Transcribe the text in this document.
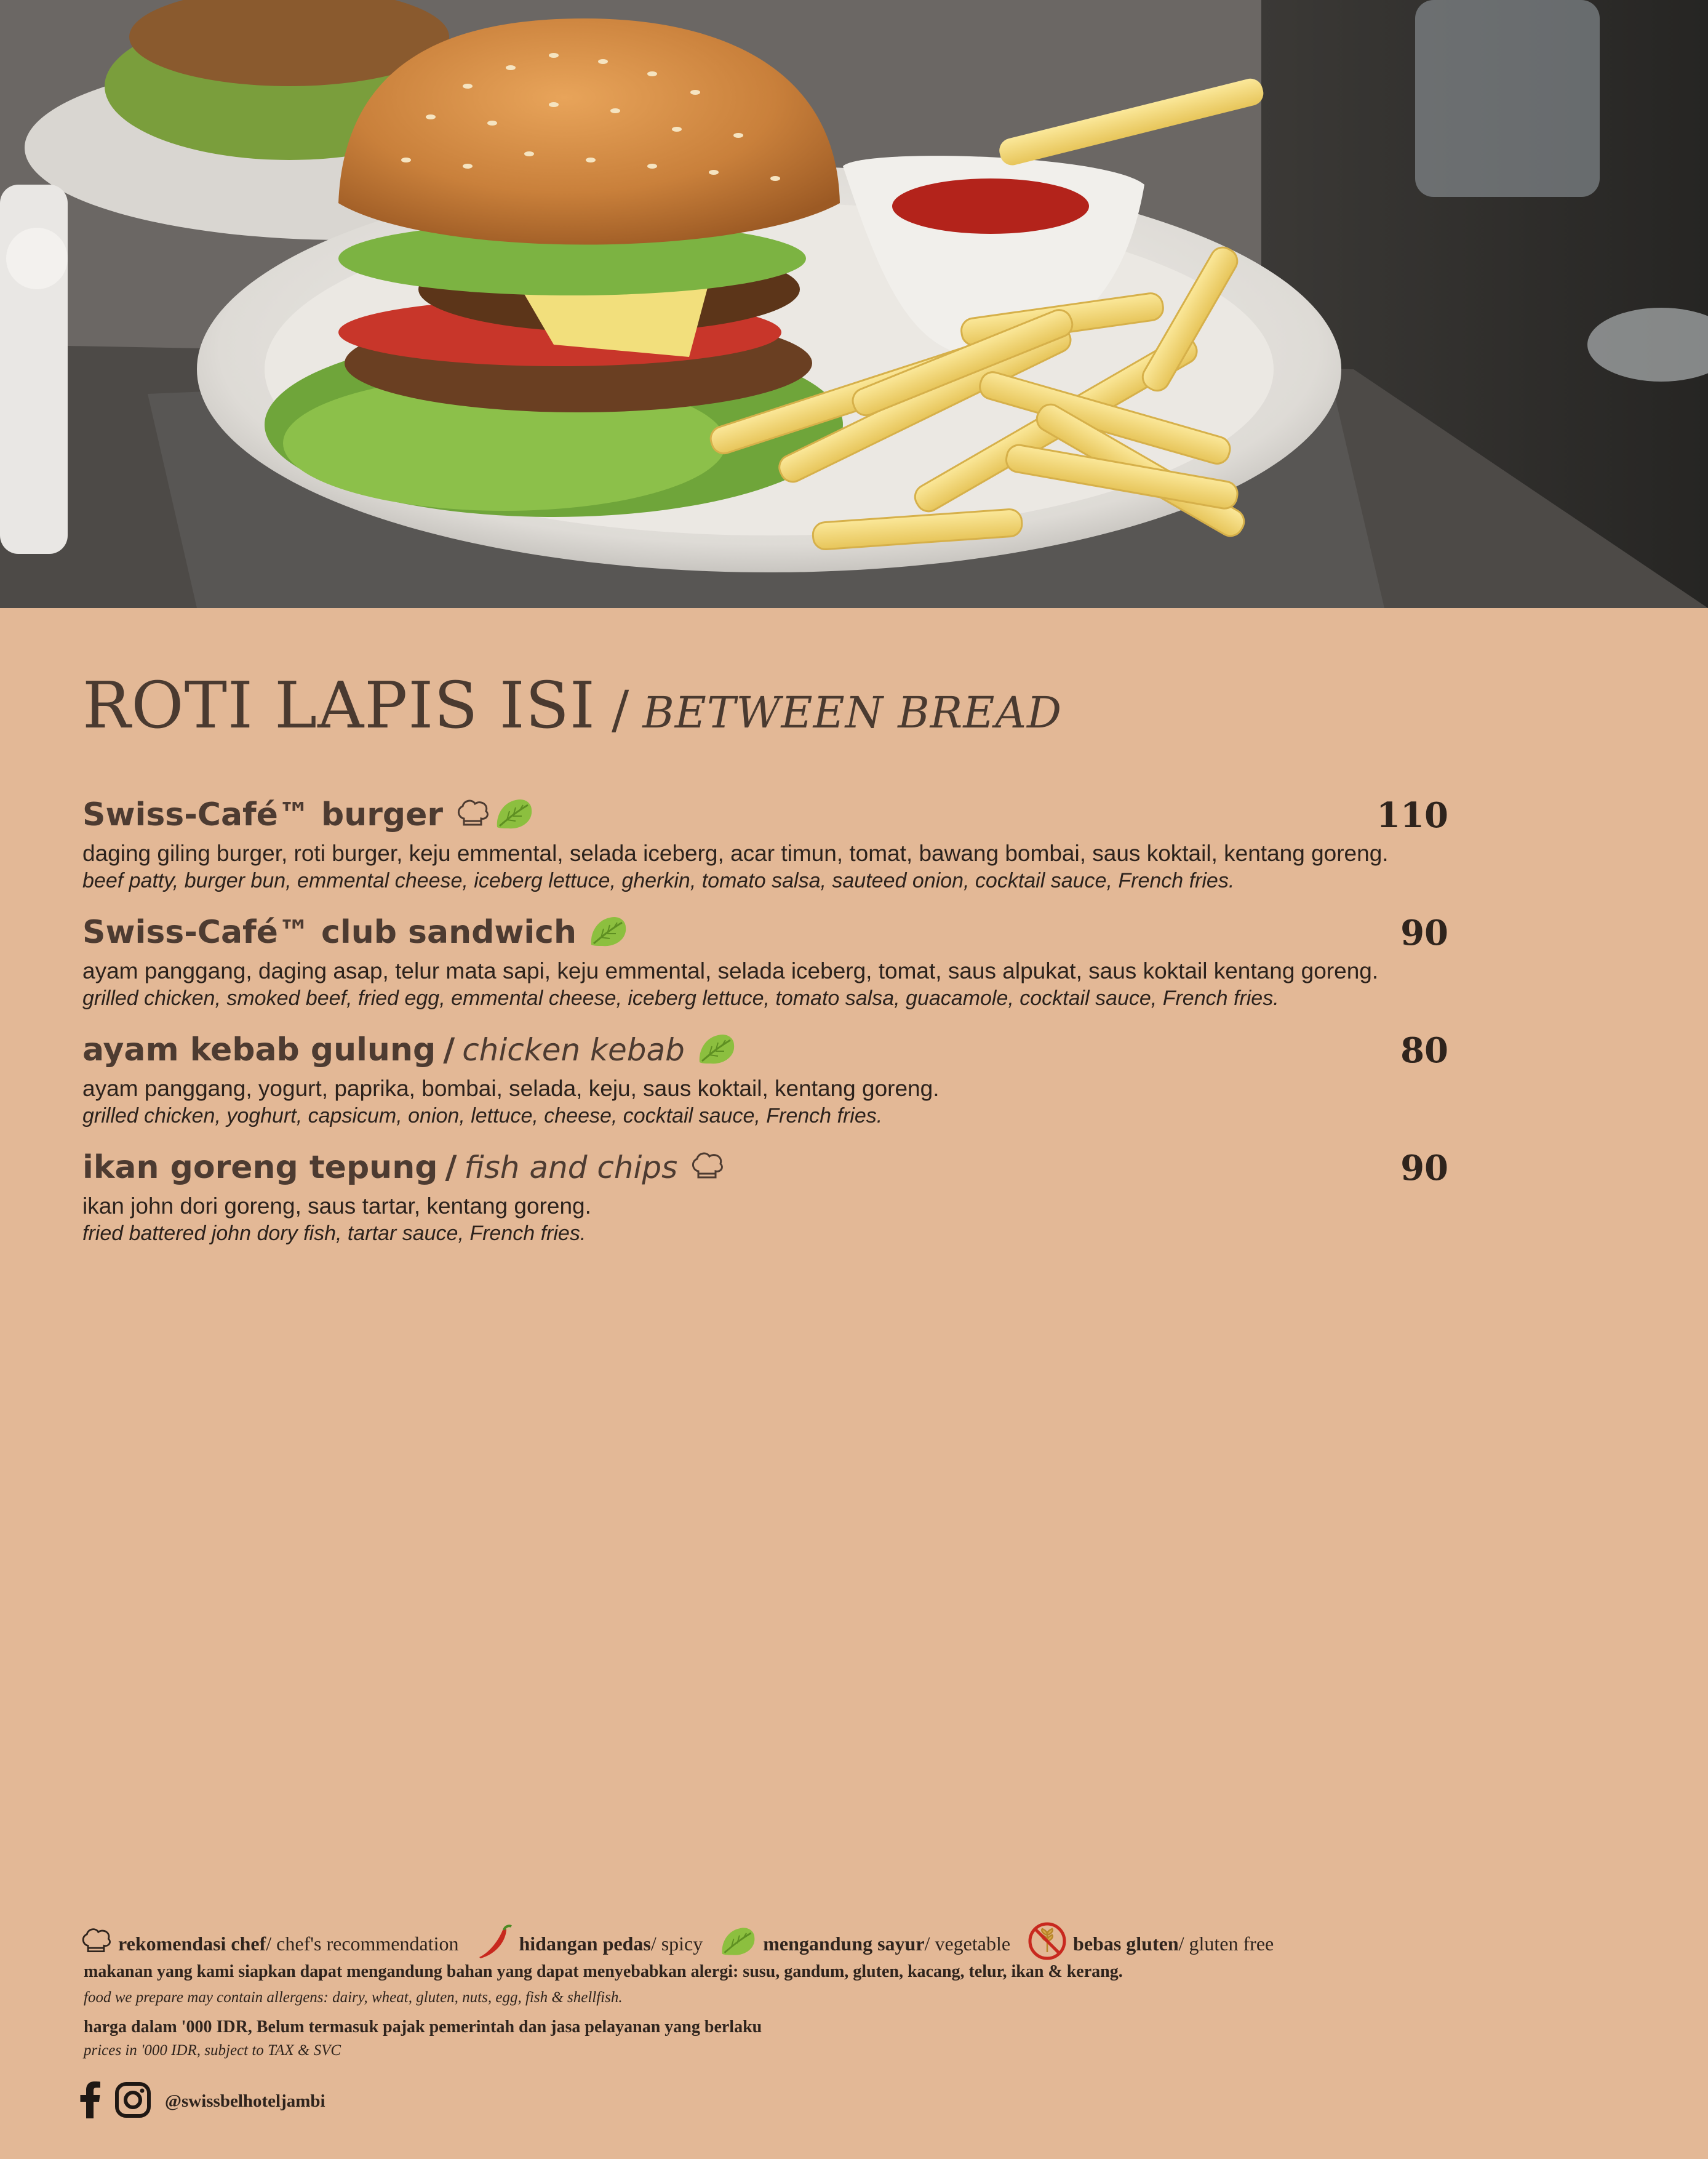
ROTI LAPIS ISI / BETWEEN BREAD
Swiss-Café™ burger	110
daging giling burger, roti burger, keju emmental, selada iceberg, acar timun, tomat, bawang bombai, saus koktail, kentang goreng.
beef patty, burger bun, emmental cheese, iceberg lettuce, gherkin, tomato salsa, sauteed onion, cocktail sauce, French fries.
Swiss-Café™ club sandwich	90
ayam panggang, daging asap, telur mata sapi, keju emmental, selada iceberg, tomat, saus alpukat, saus koktail kentang goreng.
grilled chicken, smoked beef, fried egg, emmental cheese, iceberg lettuce, tomato salsa, guacamole, cocktail sauce, French fries.
ayam kebab gulung / chicken kebab	80
ayam panggang, yogurt, paprika, bombai, selada, keju, saus koktail, kentang goreng.
grilled chicken, yoghurt, capsicum, onion, lettuce, cheese, cocktail sauce, French fries.
ikan goreng tepung / fish and chips	90
ikan john dori goreng, saus tartar, kentang goreng.
fried battered john dory fish, tartar sauce, French fries.
rekomendasi chef / chef's recommendation	hidangan pedas / spicy	mengandung sayur / vegetable	bebas gluten / gluten free
makanan yang kami siapkan dapat mengandung bahan yang dapat menyebabkan alergi: susu, gandum, gluten, kacang, telur, ikan & kerang.
food we prepare may contain allergens: dairy, wheat, gluten, nuts, egg, fish & shellfish.
harga dalam '000 IDR, Belum termasuk pajak pemerintah dan jasa pelayanan yang berlaku
prices in '000 IDR, subject to TAX & SVC
@swissbelhoteljambi
